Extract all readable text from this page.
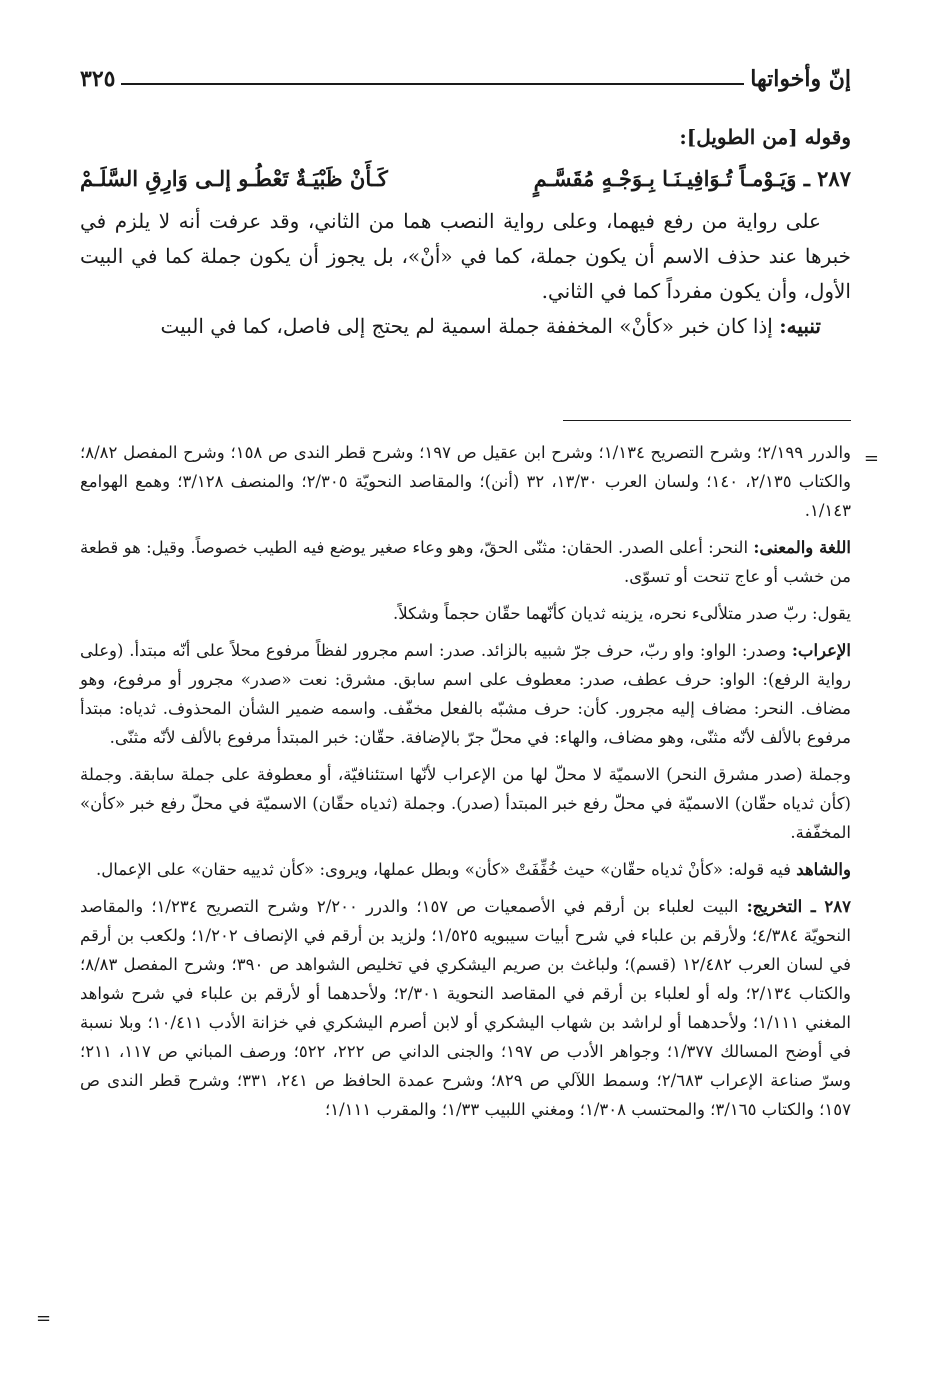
إنّ وأخواتها
٣٢٥

وقوله [من الطويل]:

٢٨٧ ـ وَيَـوْمـاً تُـوَافِيـنَـا بِـوَجْـهٍ مُقَسَّـمٍ
كَـأَنْ ظَبْيَـةٌ تَعْطُـو إلـى وَارِقِ السَّلَـمْ

على رواية من رفع فيهما، وعلى رواية النصب هما من الثاني، وقد عرفت أنه لا يلزم في خبرها عند حذف الاسم أن يكون جملة، كما في «أنْ»، بل يجوز أن يكون جملة كما في البيت الأول، وأن يكون مفرداً كما في الثاني.

تنبيه: إذا كان خبر «كأنْ» المخففة جملة اسمية لم يحتج إلى فاصل، كما في البيت

=

والدرر ٢/١٩٩؛ وشرح التصريح ١/١٣٤؛ وشرح ابن عقيل ص ١٩٧؛ وشرح قطر الندى ص ١٥٨؛ وشرح المفصل ٨/٨٢؛ والكتاب ٢/١٣٥، ١٤٠؛ ولسان العرب ١٣/٣٠، ٣٢ (أنن)؛ والمقاصد النحويّة ٢/٣٠٥؛ والمنصف ٣/١٢٨؛ وهمع الهوامع ١/١٤٣.

اللغة والمعنى: النحر: أعلى الصدر. الحقان: مثنّى الحقّ، وهو وعاء صغير يوضع فيه الطيب خصوصاً. وقيل: هو قطعة من خشب أو عاج تنحت أو تسوّى.

يقول: ربّ صدر متلألىء نحره، يزينه ثديان كأنّهما حقّان حجماً وشكلاً.

الإعراب: وصدر: الواو: واو ربّ، حرف جرّ شبيه بالزائد. صدر: اسم مجرور لفظاً مرفوع محلاً على أنّه مبتدأ. (وعلى رواية الرفع): الواو: حرف عطف، صدر: معطوف على اسم سابق. مشرق: نعت «صدر» مجرور أو مرفوع، وهو مضاف. النحر: مضاف إليه مجرور. كأن: حرف مشبّه بالفعل مخفّف. واسمه ضمير الشأن المحذوف. ثدياه: مبتدأ مرفوع بالألف لأنّه مثنّى، وهو مضاف، والهاء: في محلّ جرّ بالإضافة. حقّان: خبر المبتدأ مرفوع بالألف لأنّه مثنّى.

وجملة (صدر مشرق النحر) الاسميّة لا محلّ لها من الإعراب لأنّها استئنافيّة، أو معطوفة على جملة سابقة. وجملة (كأن ثدياه حقّان) الاسميّة في محلّ رفع خبر المبتدأ (صدر). وجملة (ثدياه حقّان) الاسميّة في محلّ رفع خبر «كأن» المخفّفة.

والشاهد فيه قوله: «كأنْ ثدياه حقّان» حيث خُفِّفَتْ «كأن» وبطل عملها، ويروى: «كأن ثدييه حقان» على الإعمال.

٢٨٧ ـ التخريج: البيت لعلباء بن أرقم في الأصمعيات ص ١٥٧؛ والدرر ٢/٢٠٠ وشرح التصريح ١/٢٣٤؛ والمقاصد النحويّة ٤/٣٨٤؛ ولأرقم بن علباء في شرح أبيات سيبويه ١/٥٢٥؛ ولزيد بن أرقم في الإنصاف ١/٢٠٢؛ ولكعب بن أرقم في لسان العرب ١٢/٤٨٢ (قسم)؛ ولباغث بن صريم اليشكري في تخليص الشواهد ص ٣٩٠؛ وشرح المفصل ٨/٨٣؛ والكتاب ٢/١٣٤؛ وله أو لعلباء بن أرقم في المقاصد النحوية ٢/٣٠١؛ ولأحدهما أو لأرقم بن علباء في شرح شواهد المغني ١/١١١؛ ولأحدهما أو لراشد بن شهاب اليشكري أو لابن أصرم اليشكري في خزانة الأدب ١٠/٤١١؛ وبلا نسبة في أوضح المسالك ١/٣٧٧؛ وجواهر الأدب ص ١٩٧؛ والجنى الداني ص ٢٢٢، ٥٢٢؛ ورصف المباني ص ١١٧، ٢١١؛ وسرّ صناعة الإعراب ٢/٦٨٣؛ وسمط اللآلي ص ٨٢٩؛ وشرح عمدة الحافظ ص ٢٤١، ٣٣١؛ وشرح قطر الندى ص ١٥٧؛ والكتاب ٣/١٦٥؛ والمحتسب ١/٣٠٨؛ ومغني اللبيب ١/٣٣؛ والمقرب ١/١١١؛

=
